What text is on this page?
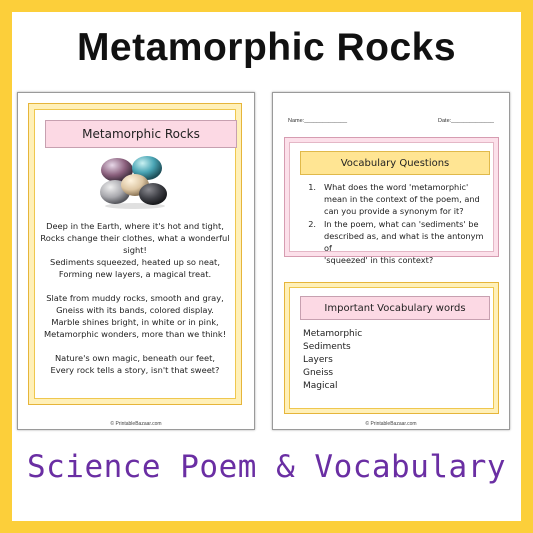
Metamorphic Rocks
Metamorphic Rocks
Deep in the Earth, where it's hot and tight,
Rocks change their clothes, what a wonderful
sight!
Sediments squeezed, heated up so neat,
Forming new layers, a magical treat.
Slate from muddy rocks, smooth and gray,
Gneiss with its bands, colored display.
Marble shines bright, in white or in pink,
Metamorphic wonders, more than we think!
Nature's own magic, beneath our feet,
Every rock tells a story, isn't that sweet?
© PrintableBazaar.com
Name:______________	Date:______________
Vocabulary Questions
1. What does the word 'metamorphic'
mean in the context of the poem, and
can you provide a synonym for it?
2. In the poem, what can 'sediments' be
described as, and what is the antonym of
'squeezed' in this context?
Important Vocabulary words
Metamorphic
Sediments
Layers
Gneiss
Magical
© PrintableBazaar.com
Science Poem & Vocabulary
